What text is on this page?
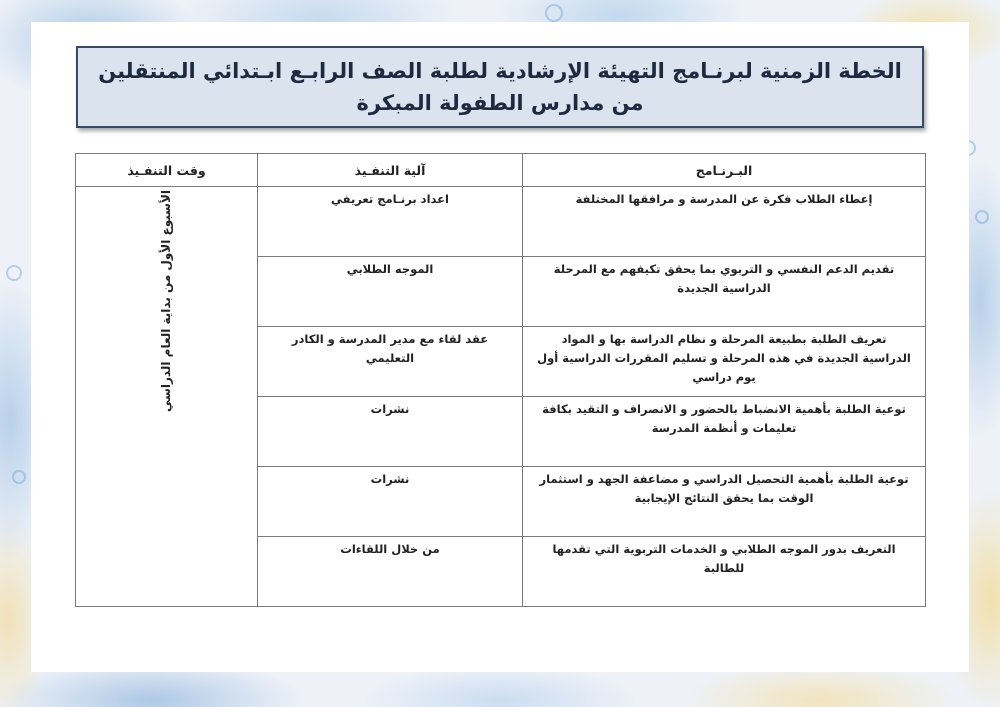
الخطة الزمنية لبرنـامج التهيئة الإرشادية لطلبة الصف الرابـع ابـتدائي المنتقلين من مدارس الطفولة المبكرة
البـرنـامج	آلية التنفـيذ	وقت التنفـيذ
إعطاء الطلاب فكرة عن المدرسة و مرافقها المختلفة	اعداد برنـامج تعريفي	الأسبوع الأول من بداية العام الدراسي
تقديم الدعم النفسي و التربوي بما يحقق تكيفهم مع المرحلة الدراسية الجديدة	الموجه الطلابي	
تعريف الطلبة بطبيعة المرحلة و نظام الدراسة بها و المواد الدراسية الجديدة في هذه المرحلة و تسليم المقررات الدراسية أول يوم دراسي	عقد لقاء مع مدير المدرسة و الكادر التعليمي	
توعية الطلبة بأهمية الانضباط بالحضور و الانصراف و التقيد بكافة تعليمات و أنظمة المدرسة	نشرات	
توعية الطلبة بأهمية التحصيل الدراسي و مضاعفة الجهد و استثمار الوقت بما يحقق النتائج الإيجابية	نشرات	
التعريف بدور الموجه الطلابي و الخدمات التربوية التي تقدمها للطالبة	من خلال اللقاءات	
